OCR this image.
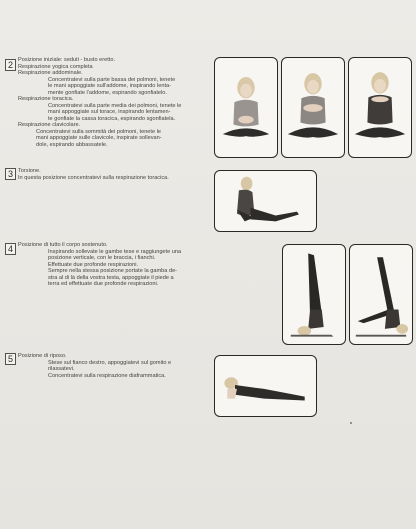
2 Posizione iniziale: seduti - busto eretto.
Respirazione yogica completa
Respirazione addominale.
Concentratevi sulla parte bassa dei polmoni, tenete
le mani appoggiate sull'addome, inspirando lenta-
mente gonfiate l'addome, espirando sgonfiatelo.
Respirazione toracica.
Concentratevi sulla parte media dei polmoni, tenete le
mani appoggiate sul torace, inspirando lentamen-
te gonfiate la cassa toracica, espirando sgonfiatela.
Respirazione clavicolare.
Concentratevi sulla sommità dei polmoni, tenete le
mani appoggiate sulle clavicole, inspirate sollevan-
dole, espirando abbassatele.
3 Torsione.
In questa posizione concentratevi sulla respirazione toracica.
4 Posizione di tutto il corpo sostenuto.
Inspirando sollevate le gambe tese e raggiungete una
posizione verticale, con le braccia, i fianchi.
Effettuate due profonde respirazioni.
Sempre nella stessa posizione portate la gamba de-
stra al di là della vostra testa, appoggiate il piede a
terra ed effettuate due profonde respirazioni.
5 Posizione di riposo.
Stese sul fianco destro, appoggiatevi sul gomito e
rilassatevi.
Concentratevi sulla respirazione diaframmatica.
